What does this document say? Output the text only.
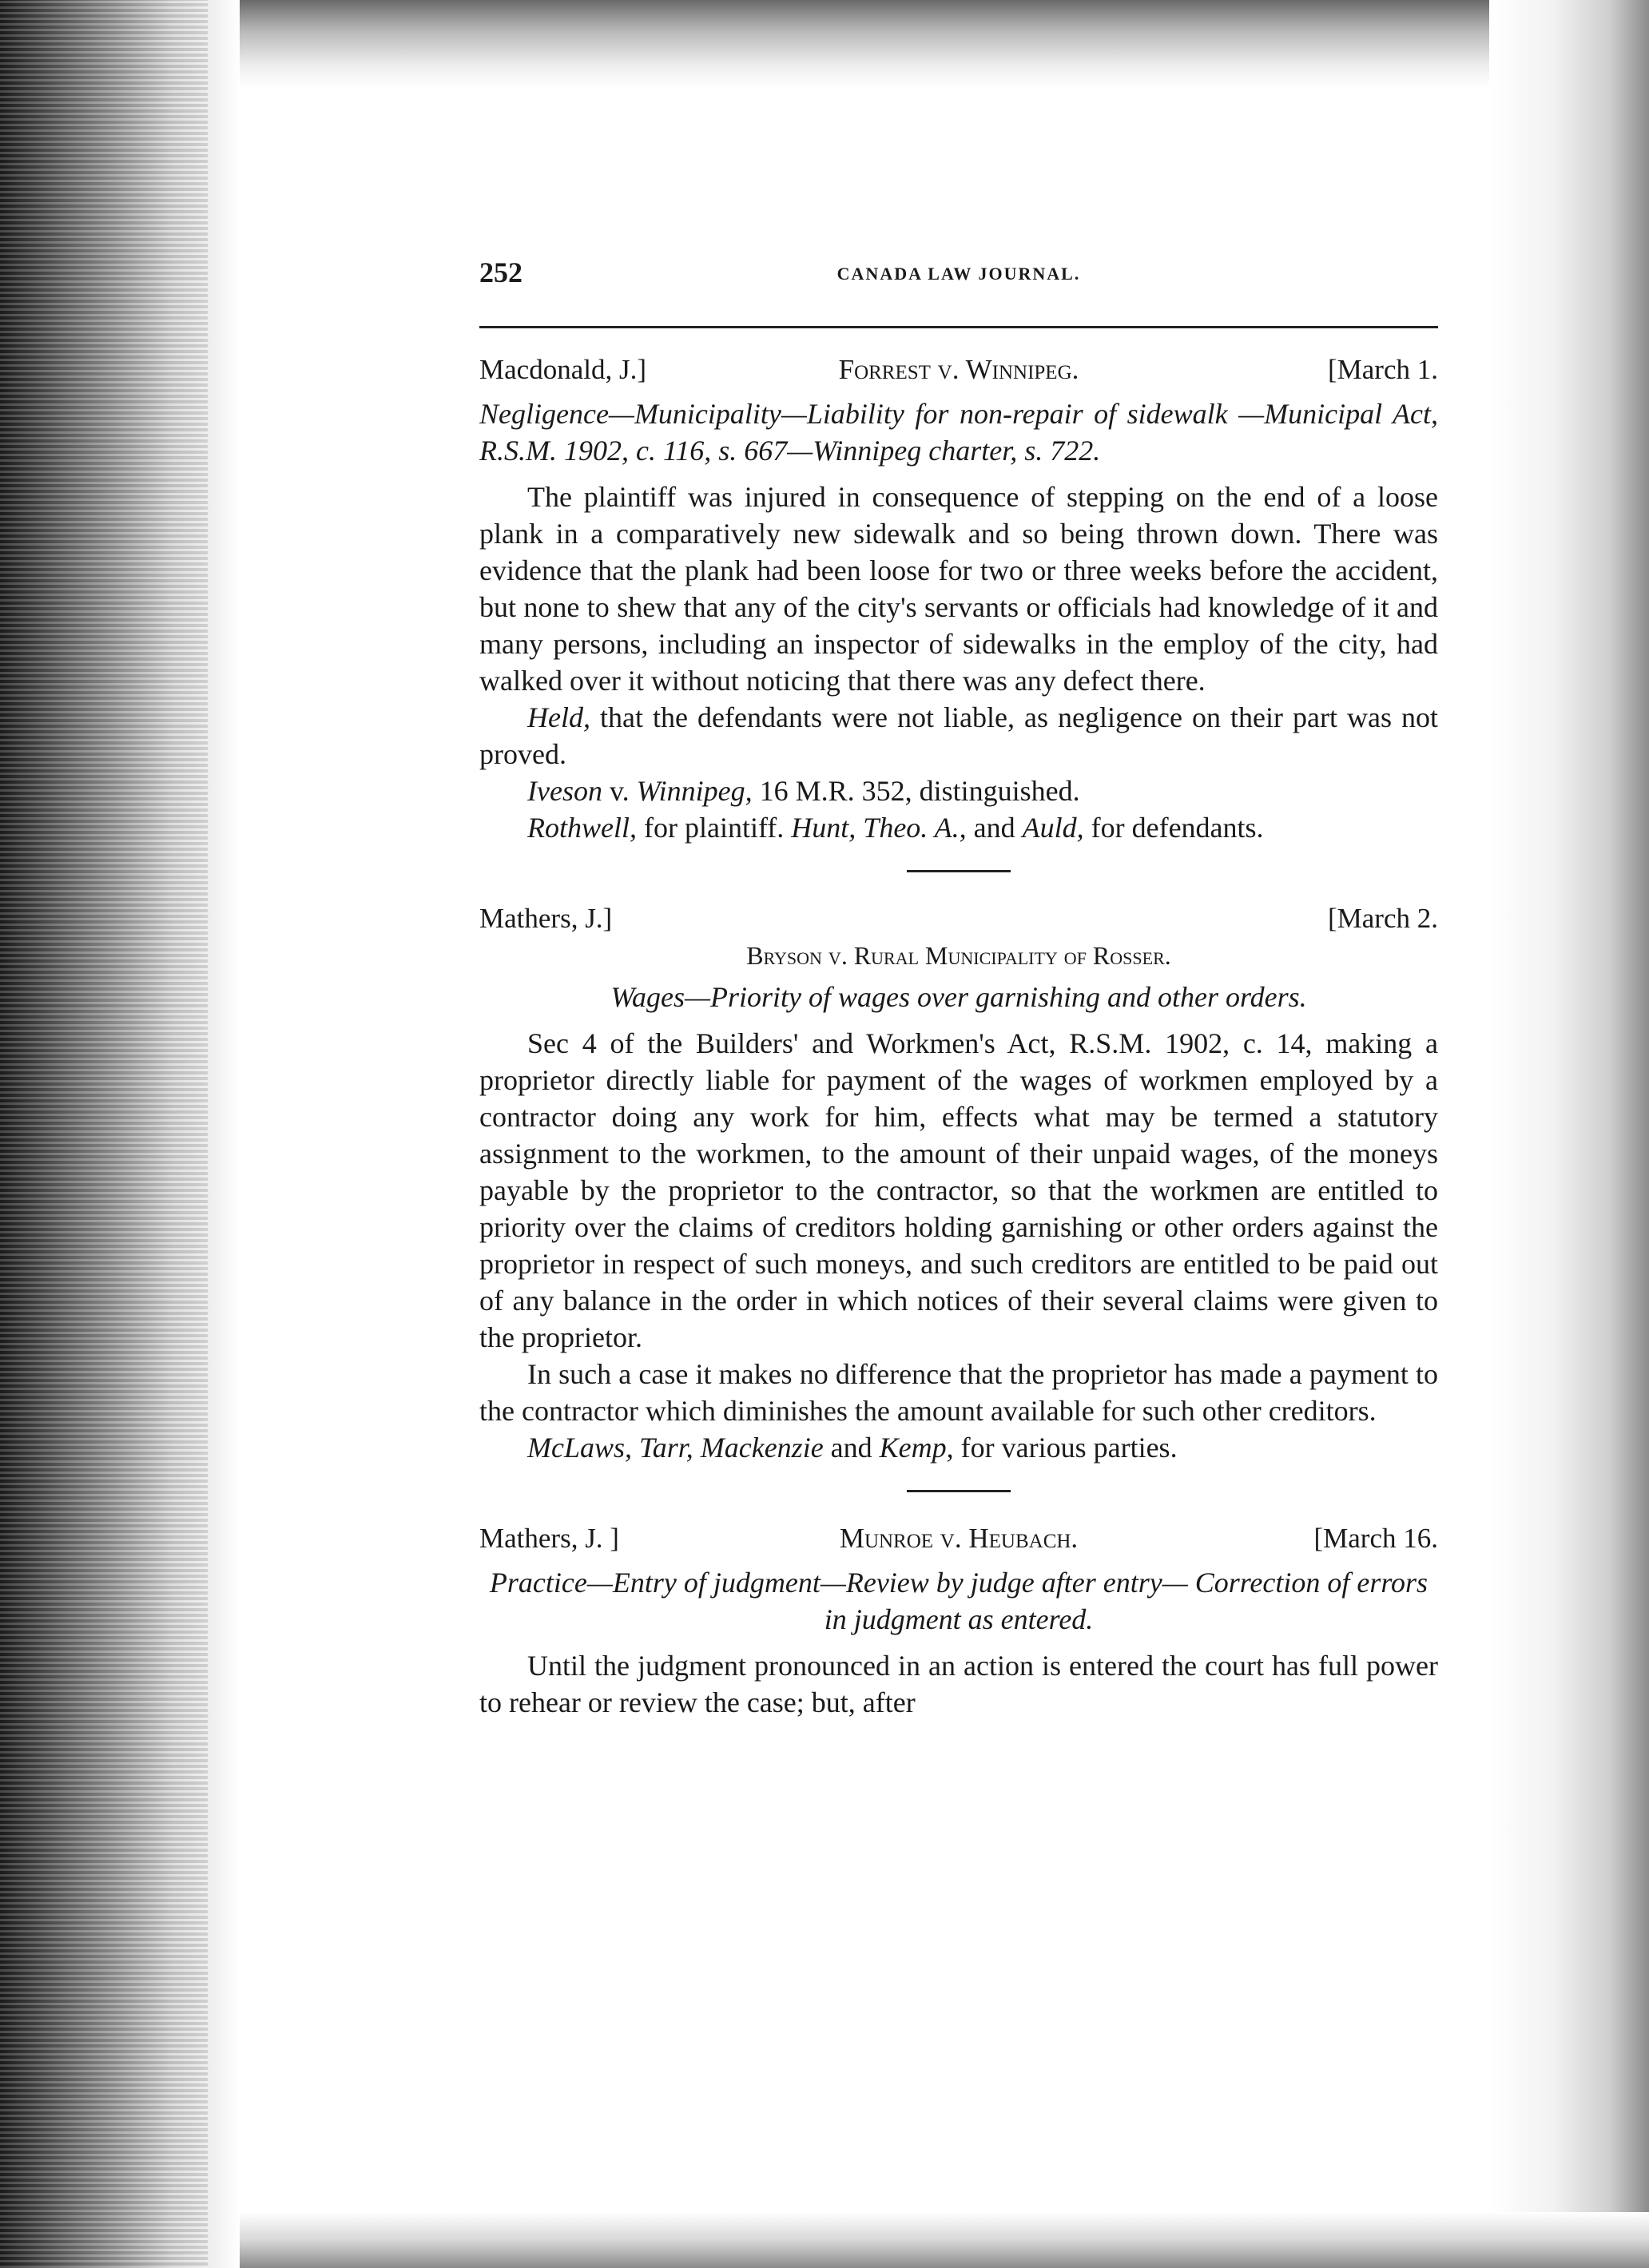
252	CANADA LAW JOURNAL.
Macdonald, J.]	Forrest v. Winnipeg.	[March 1.
Negligence—Municipality—Liability for non-repair of sidewalk —Municipal Act, R.S.M. 1902, c. 116, s. 667—Winnipeg charter, s. 722.

The plaintiff was injured in consequence of stepping on the end of a loose plank in a comparatively new sidewalk and so being thrown down. There was evidence that the plank had been loose for two or three weeks before the accident, but none to shew that any of the city's servants or officials had knowledge of it and many persons, including an inspector of sidewalks in the employ of the city, had walked over it without noticing that there was any defect there.

Held, that the defendants were not liable, as negligence on their part was not proved.

Iveson v. Winnipeg, 16 M.R. 352, distinguished.

Rothwell, for plaintiff. Hunt, Theo. A., and Auld, for defendants.

Mathers, J.]	[March 2.
Bryson v. Rural Municipality of Rosser.
Wages—Priority of wages over garnishing and other orders.

Sec 4 of the Builders' and Workmen's Act, R.S.M. 1902, c. 14, making a proprietor directly liable for payment of the wages of workmen employed by a contractor doing any work for him, effects what may be termed a statutory assignment to the workmen, to the amount of their unpaid wages, of the moneys payable by the proprietor to the contractor, so that the workmen are entitled to priority over the claims of creditors holding garnishing or other orders against the proprietor in respect of such moneys, and such creditors are entitled to be paid out of any balance in the order in which notices of their several claims were given to the proprietor.

In such a case it makes no difference that the proprietor has made a payment to the contractor which diminishes the amount available for such other creditors.

McLaws, Tarr, Mackenzie and Kemp, for various parties.

Mathers, J. ]	Munroe v. Heubach.	[March 16.
Practice—Entry of judgment—Review by judge after entry— Correction of errors in judgment as entered.

Until the judgment pronounced in an action is entered the court has full power to rehear or review the case; but, after
